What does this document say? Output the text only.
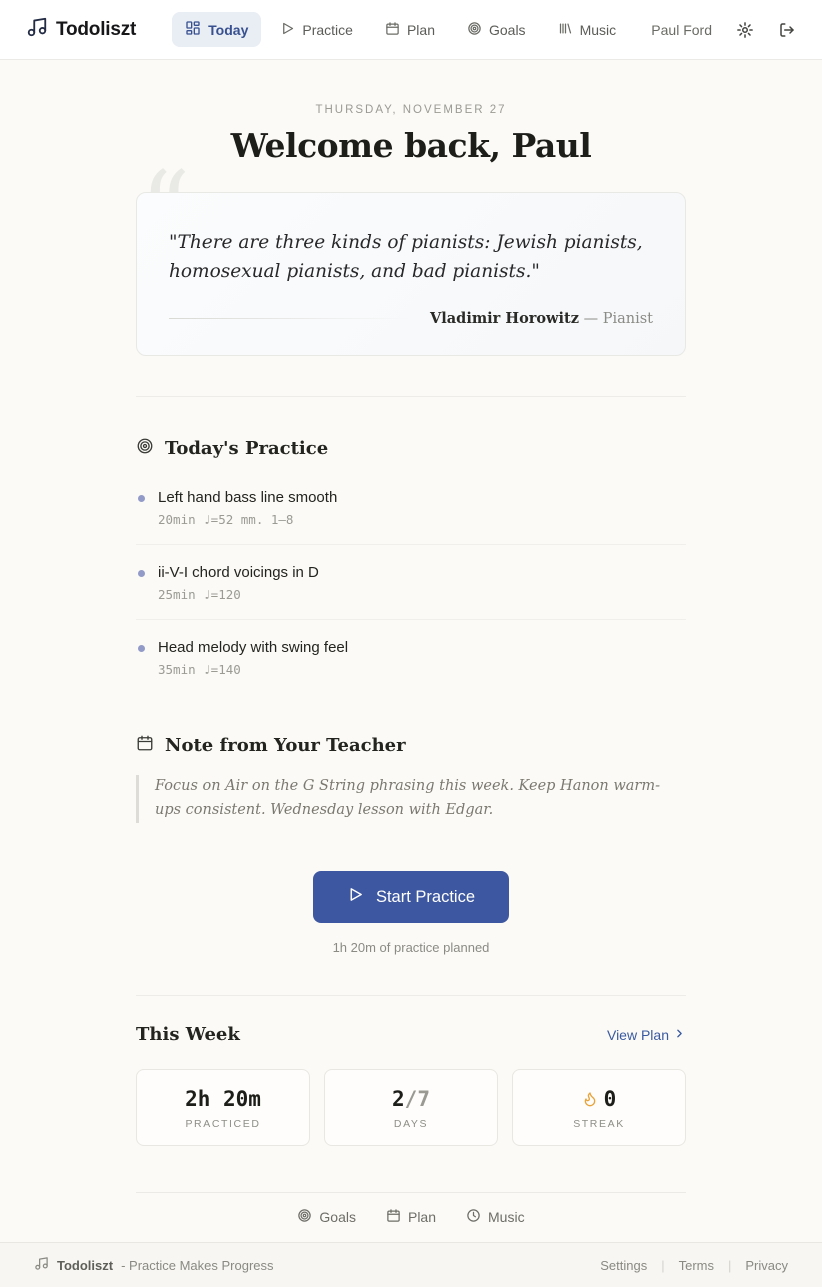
Todoliszt	Today	Practice	Plan	Goals	Music	Paul Ford
THURSDAY, NOVEMBER 27
Welcome back, Paul

“ "There are three kinds of pianists: Jewish pianists, homosexual pianists, and bad pianists."

Vladimir Horowitz — Pianist
Today's Practice
Left hand bass line smooth
20min ♩=52 mm. 1–8
ii-V-I chord voicings in D
25min ♩=120
Head melody with swing feel
35min ♩=140
Note from Your Teacher
Focus on Air on the G String phrasing this week. Keep Hanon warm-ups consistent. Wednesday lesson with Edgar.
Start Practice
1h 20m of practice planned
This Week	View Plan
2h 20m
PRACTICED
2/7
DAYS
0
STREAK
Goals	Plan	Music
Todoliszt - Practice Makes Progress	Settings | Terms | Privacy
